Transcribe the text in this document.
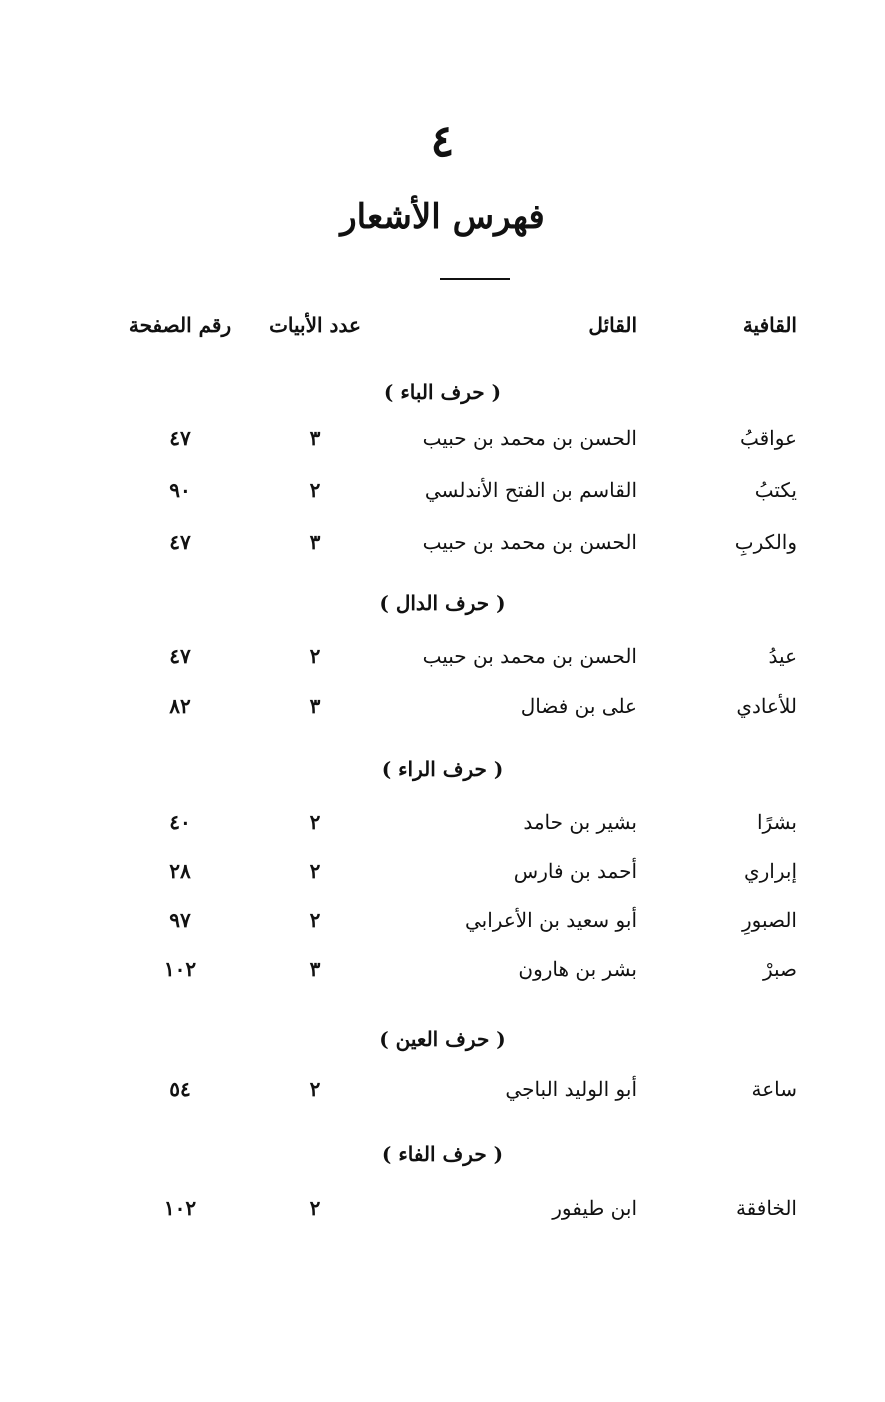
٤
فهرس الأشعار
القافية
القائل
عدد الأبيات
رقم الصفحة
( حرف الباء )
عواقبُ
الحسن بن محمد بن حبيب
٣
٤٧
يكتبُ
القاسم بن الفتح الأندلسي
٢
٩٠
والكربِ
الحسن بن محمد بن حبيب
٣
٤٧
( حرف الدال )
عيدُ
الحسن بن محمد بن حبيب
٢
٤٧
للأعادي
على بن فضال
٣
٨٢
( حرف الراء )
بشرًا
بشير بن حامد
٢
٤٠
إبراري
أحمد بن فارس
٢
٢٨
الصبورِ
أبو سعيد بن الأعرابي
٢
٩٧
صبرْ
بشر بن هارون
٣
١٠٢
( حرف العين )
ساعة
أبو الوليد الباجي
٢
٥٤
( حرف الفاء )
الخافقة
ابن طيفور
٢
١٠٢
